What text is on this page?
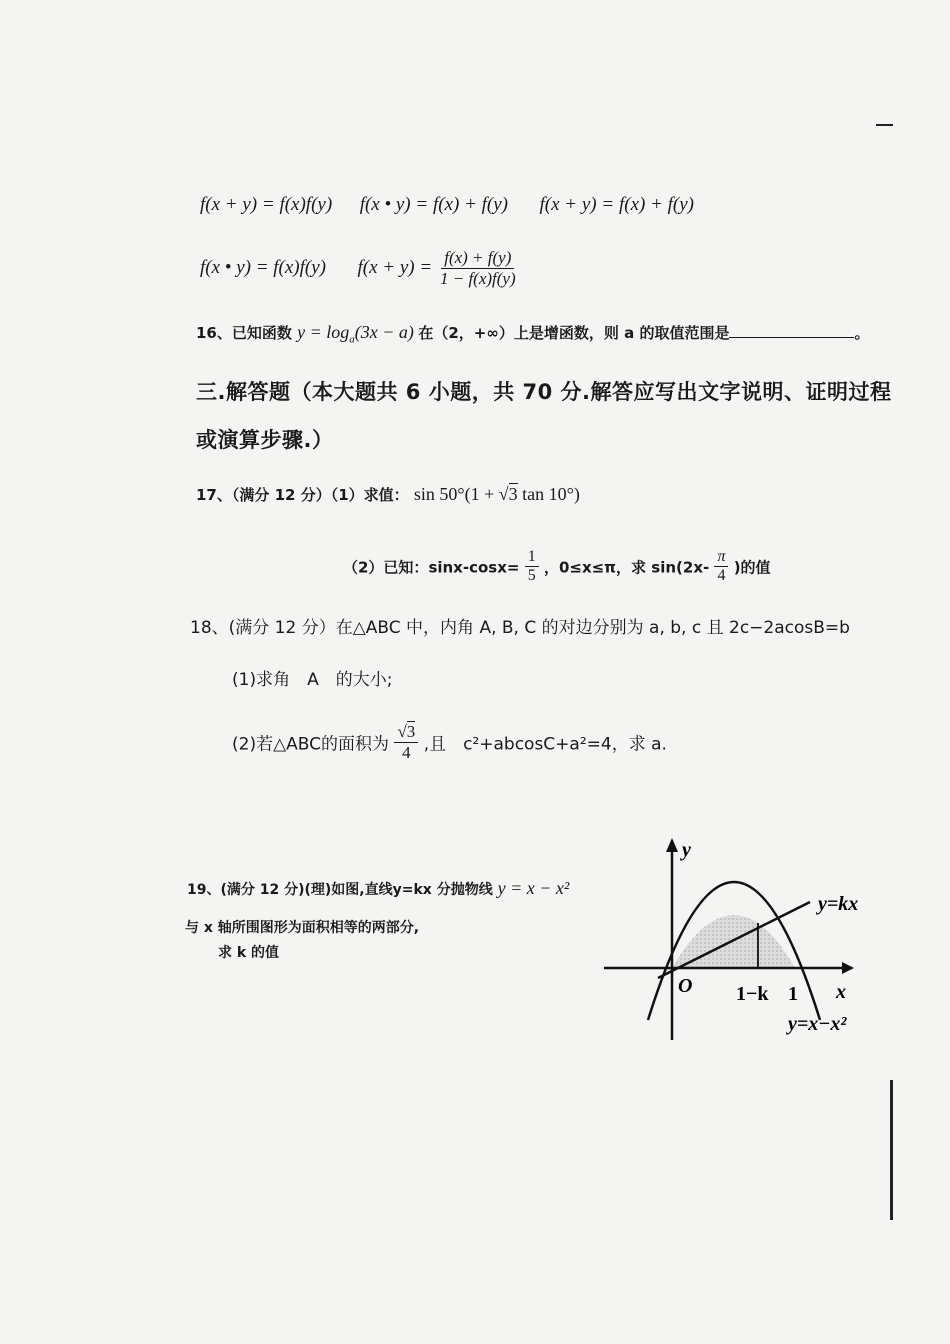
f(x + y) = f(x)f(y) f(x • y) = f(x) + f(y) f(x + y) = f(x) + f(y)
f(x • y) = f(x)f(y) $f(x + y) = \frac{f(x) + f(y)}{1 - f(x)f(y)}$
16、已知函数 $y = \log_a(3x - a)$ 在（2，+∞）上是增函数，则 a 的取值范围是	。
三.解答题（本大题共 6 小题，共 70 分.解答应写出文字说明、证明过程
或演算步骤.）
17、（满分 12 分）（1）求值： sin 50°(1 + √3 tan 10°)
（2）已知：$\sin x-\cos x= \frac{1}{5}$ ，0≤x≤π，求 $\sin(2x- \frac{\pi}{4}$ )的值
18、(满分 12 分）在△ABC 中，内角 A, B, C 的对边分别为 a, b, c 且 2c−2acosB=b
(1)求角　A　的大小;
(2)若△ABC的面积为 $\frac{√3}{4}$ ,且　c²+abcosC+a²=4，求 a.
19、(满分 12 分)(理)如图,直线y=kx 分抛物线 y = x − x²
与 x 轴所围图形为面积相等的两部分,
求 k 的值
y
x
O
y=kx
1−k 1
y=x−x²
